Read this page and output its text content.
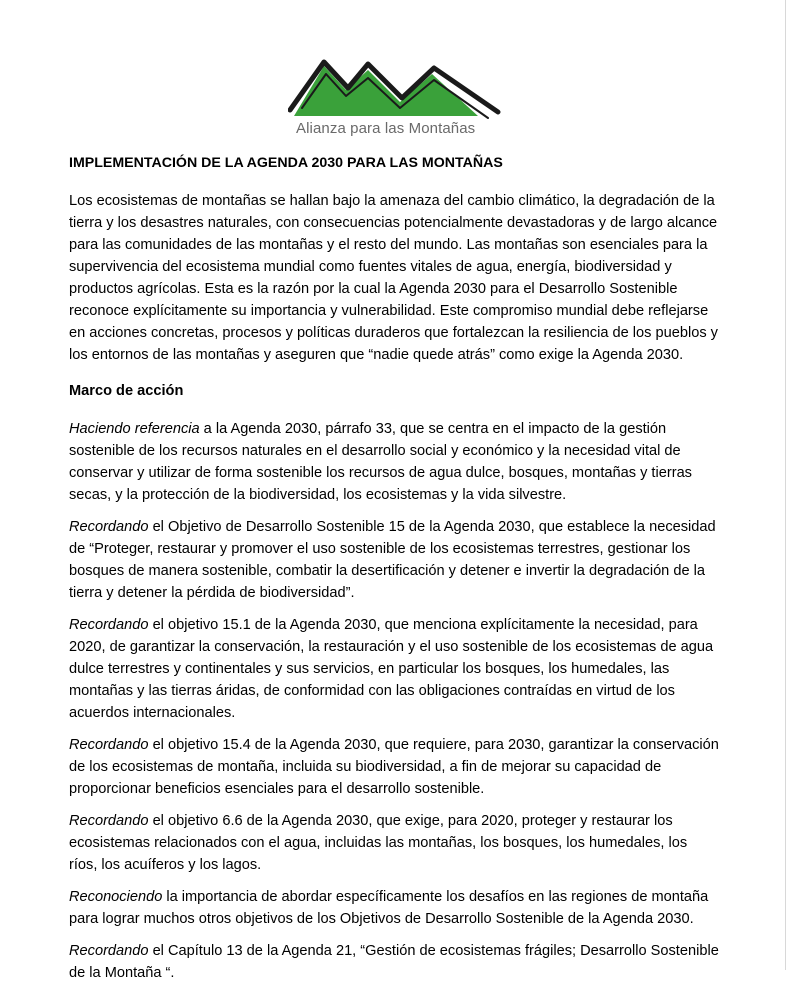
Alianza para las Montañas

IMPLEMENTACIÓN DE LA AGENDA 2030 PARA LAS MONTAÑAS

Los ecosistemas de montañas se hallan bajo la amenaza del cambio climático, la degradación de la tierra y los desastres naturales, con consecuencias potencialmente devastadoras y de largo alcance para las comunidades de las montañas y el resto del mundo. Las montañas son esenciales para la supervivencia del ecosistema mundial como fuentes vitales de agua, energía, biodiversidad y productos agrícolas. Esta es la razón por la cual la Agenda 2030 para el Desarrollo Sostenible reconoce explícitamente su importancia y vulnerabilidad. Este compromiso mundial debe reflejarse en acciones concretas, procesos y políticas duraderos que fortalezcan la resiliencia de los pueblos y los entornos de las montañas y aseguren que “nadie quede atrás” como exige la Agenda 2030.

Marco de acción

Haciendo referencia a la Agenda 2030, párrafo 33, que se centra en el impacto de la gestión sostenible de los recursos naturales en el desarrollo social y económico y la necesidad vital de conservar y utilizar de forma sostenible los recursos de agua dulce, bosques, montañas y tierras secas, y la protección de la biodiversidad, los ecosistemas y la vida silvestre.

Recordando el Objetivo de Desarrollo Sostenible 15 de la Agenda 2030, que establece la necesidad de “Proteger, restaurar y promover el uso sostenible de los ecosistemas terrestres, gestionar los bosques de manera sostenible, combatir la desertificación y detener e invertir la degradación de la tierra y detener la pérdida de biodiversidad”.

Recordando el objetivo 15.1 de la Agenda 2030, que menciona explícitamente la necesidad, para 2020, de garantizar la conservación, la restauración y el uso sostenible de los ecosistemas de agua dulce terrestres y continentales y sus servicios, en particular los bosques, los humedales, las montañas y las tierras áridas, de conformidad con las obligaciones contraídas en virtud de los acuerdos internacionales.

Recordando el objetivo 15.4 de la Agenda 2030, que requiere, para 2030, garantizar la conservación de los ecosistemas de montaña, incluida su biodiversidad, a fin de mejorar su capacidad de proporcionar beneficios esenciales para el desarrollo sostenible.

Recordando el objetivo 6.6 de la Agenda 2030, que exige, para 2020, proteger y restaurar los ecosistemas relacionados con el agua, incluidas las montañas, los bosques, los humedales, los ríos, los acuíferos y los lagos.

Reconociendo la importancia de abordar específicamente los desafíos en las regiones de montaña para lograr muchos otros objetivos de los Objetivos de Desarrollo Sostenible de la Agenda 2030.

Recordando el Capítulo 13 de la Agenda 21, “Gestión de ecosistemas frágiles; Desarrollo Sostenible de la Montaña “.
